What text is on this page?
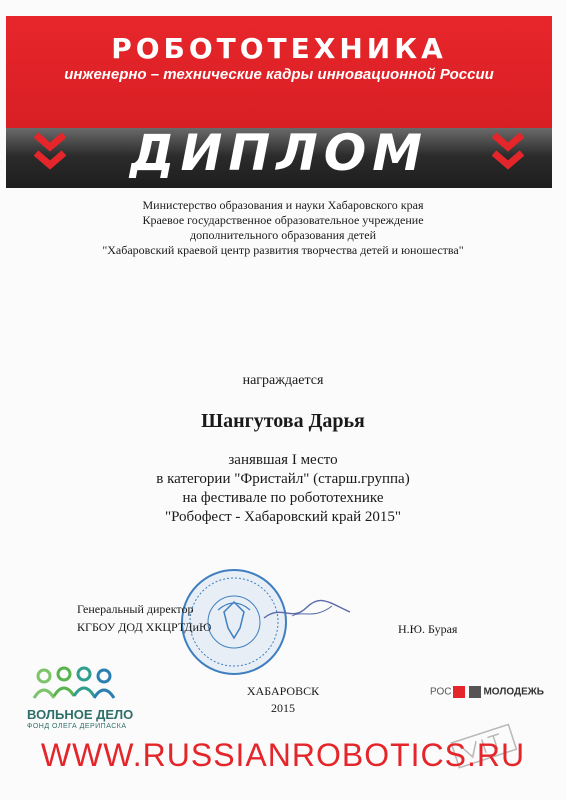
РОБОТОТЕХНИКА
инженерно – технические кадры инновационной России
ДИПЛОМ
Министерство образования и науки Хабаровского края
Краевое государственное образовательное учреждение
дополнительного образования детей
"Хабаровский краевой центр развития творчества детей и юношества"
награждается
Шангутова Дарья
занявшая I место
в категории "Фристайл" (старш.группа)
на фестивале по робототехнике
"Робофест - Хабаровский край 2015"
Генеральный директор
КГБОУ ДОД ХКЦРТДиЮ	Н.Ю. Бурая
ХАБАРОВСК
2015
ВОЛЬНОЕ ДЕЛО
ФОНД ОЛЕГА ДЕРИПАСКА
РОС	МОЛОДЕЖЬ
WWW.RUSSIANROBOTICS.RU
